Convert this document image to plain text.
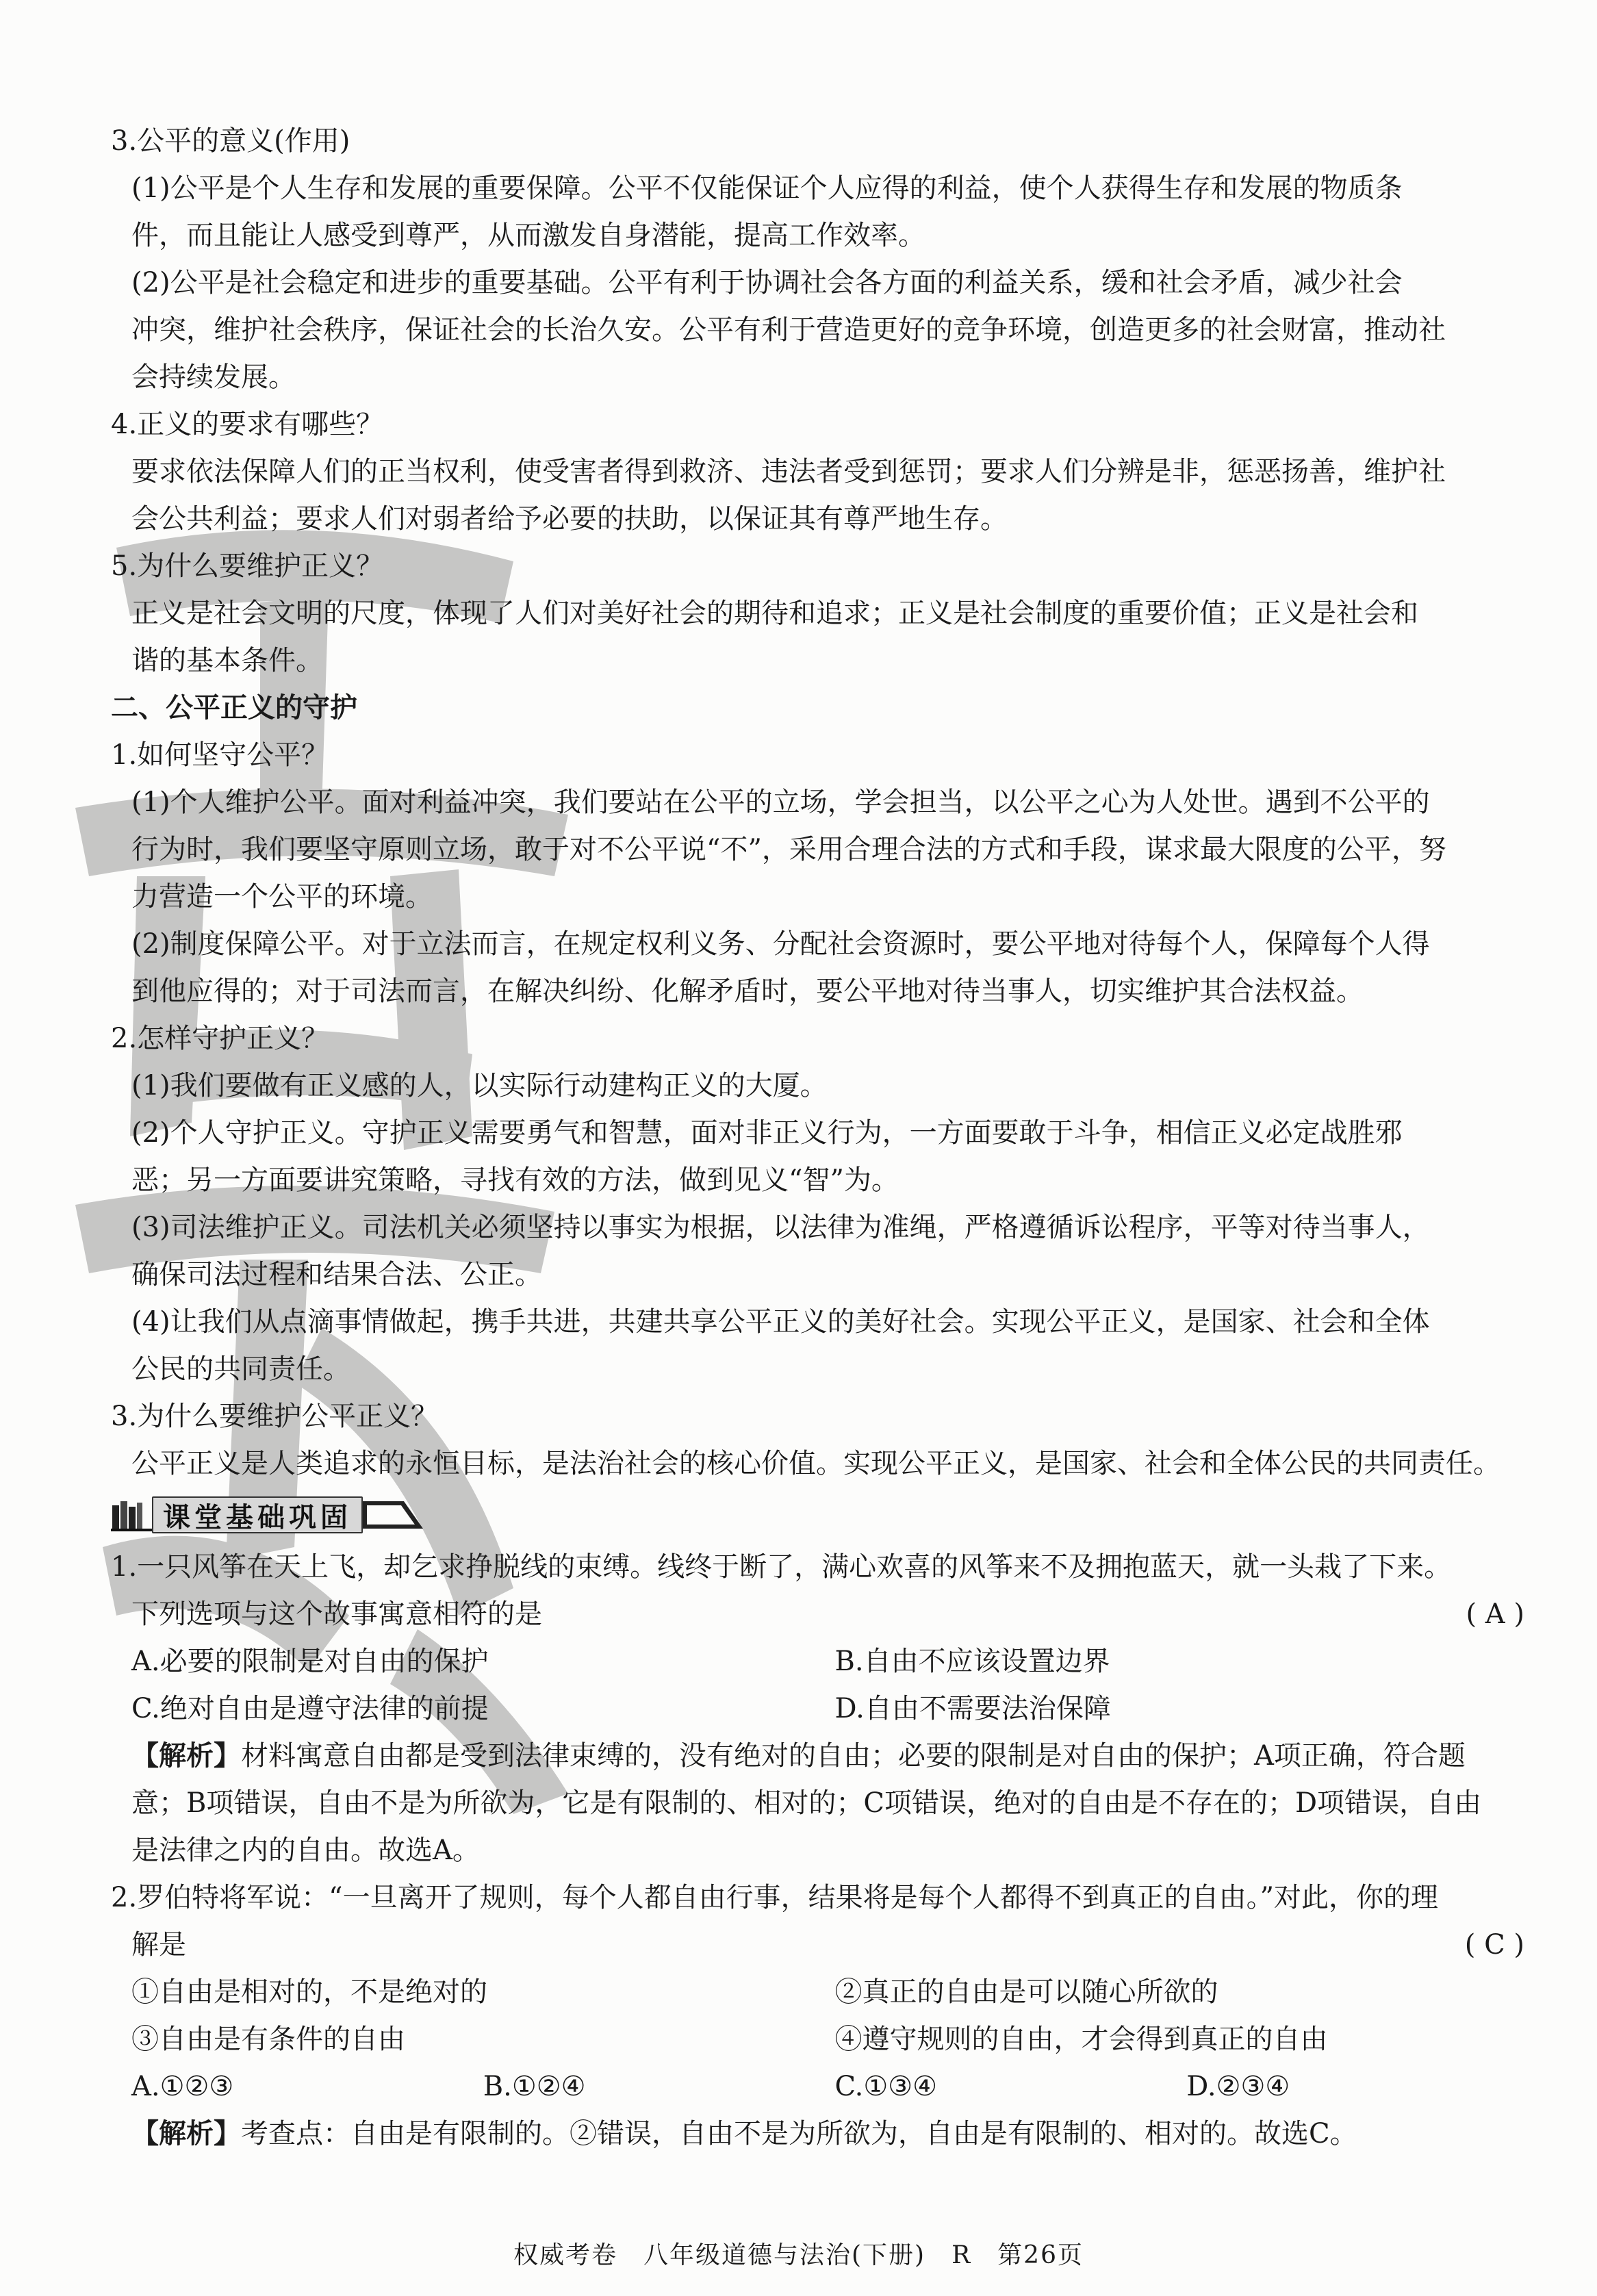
3.公平的意义(作用)
(1)公平是个人生存和发展的重要保障。公平不仅能保证个人应得的利益，使个人获得生存和发展的物质条
件，而且能让人感受到尊严，从而激发自身潜能，提高工作效率。
(2)公平是社会稳定和进步的重要基础。公平有利于协调社会各方面的利益关系，缓和社会矛盾，减少社会
冲突，维护社会秩序，保证社会的长治久安。公平有利于营造更好的竞争环境，创造更多的社会财富，推动社
会持续发展。
4.正义的要求有哪些？
要求依法保障人们的正当权利，使受害者得到救济、违法者受到惩罚；要求人们分辨是非，惩恶扬善，维护社
会公共利益；要求人们对弱者给予必要的扶助，以保证其有尊严地生存。
5.为什么要维护正义？
正义是社会文明的尺度，体现了人们对美好社会的期待和追求；正义是社会制度的重要价值；正义是社会和
谐的基本条件。
二、公平正义的守护
1.如何坚守公平？
(1)个人维护公平。面对利益冲突，我们要站在公平的立场，学会担当，以公平之心为人处世。遇到不公平的
行为时，我们要坚守原则立场，敢于对不公平说“不”，采用合理合法的方式和手段，谋求最大限度的公平，努
力营造一个公平的环境。
(2)制度保障公平。对于立法而言，在规定权利义务、分配社会资源时，要公平地对待每个人，保障每个人得
到他应得的；对于司法而言，在解决纠纷、化解矛盾时，要公平地对待当事人，切实维护其合法权益。
2.怎样守护正义？
(1)我们要做有正义感的人，以实际行动建构正义的大厦。
(2)个人守护正义。守护正义需要勇气和智慧，面对非正义行为，一方面要敢于斗争，相信正义必定战胜邪
恶；另一方面要讲究策略，寻找有效的方法，做到见义“智”为。
(3)司法维护正义。司法机关必须坚持以事实为根据，以法律为准绳，严格遵循诉讼程序，平等对待当事人，
确保司法过程和结果合法、公正。
(4)让我们从点滴事情做起，携手共进，共建共享公平正义的美好社会。实现公平正义，是国家、社会和全体
公民的共同责任。
3.为什么要维护公平正义？
公平正义是人类追求的永恒目标，是法治社会的核心价值。实现公平正义，是国家、社会和全体公民的共同责任。
课堂基础巩固
1.一只风筝在天上飞，却乞求挣脱线的束缚。线终于断了，满心欢喜的风筝来不及拥抱蓝天，就一头栽了下来。
下列选项与这个故事寓意相符的是	( A )
A.必要的限制是对自由的保护	B.自由不应该设置边界
C.绝对自由是遵守法律的前提	D.自由不需要法治保障
【解析】材料寓意自由都是受到法律束缚的，没有绝对的自由；必要的限制是对自由的保护；A项正确，符合题
意；B项错误，自由不是为所欲为，它是有限制的、相对的；C项错误，绝对的自由是不存在的；D项错误，自由
是法律之内的自由。故选A。
2.罗伯特将军说：“一旦离开了规则，每个人都自由行事，结果将是每个人都得不到真正的自由。”对此，你的理
解是	( C )
①自由是相对的，不是绝对的	②真正的自由是可以随心所欲的
③自由是有条件的自由	④遵守规则的自由，才会得到真正的自由
A.①②③	B.①②④	C.①③④	D.②③④
【解析】考查点：自由是有限制的。②错误，自由不是为所欲为，自由是有限制的、相对的。故选C。
权威考卷　八年级道德与法治(下册)　R　第26页
